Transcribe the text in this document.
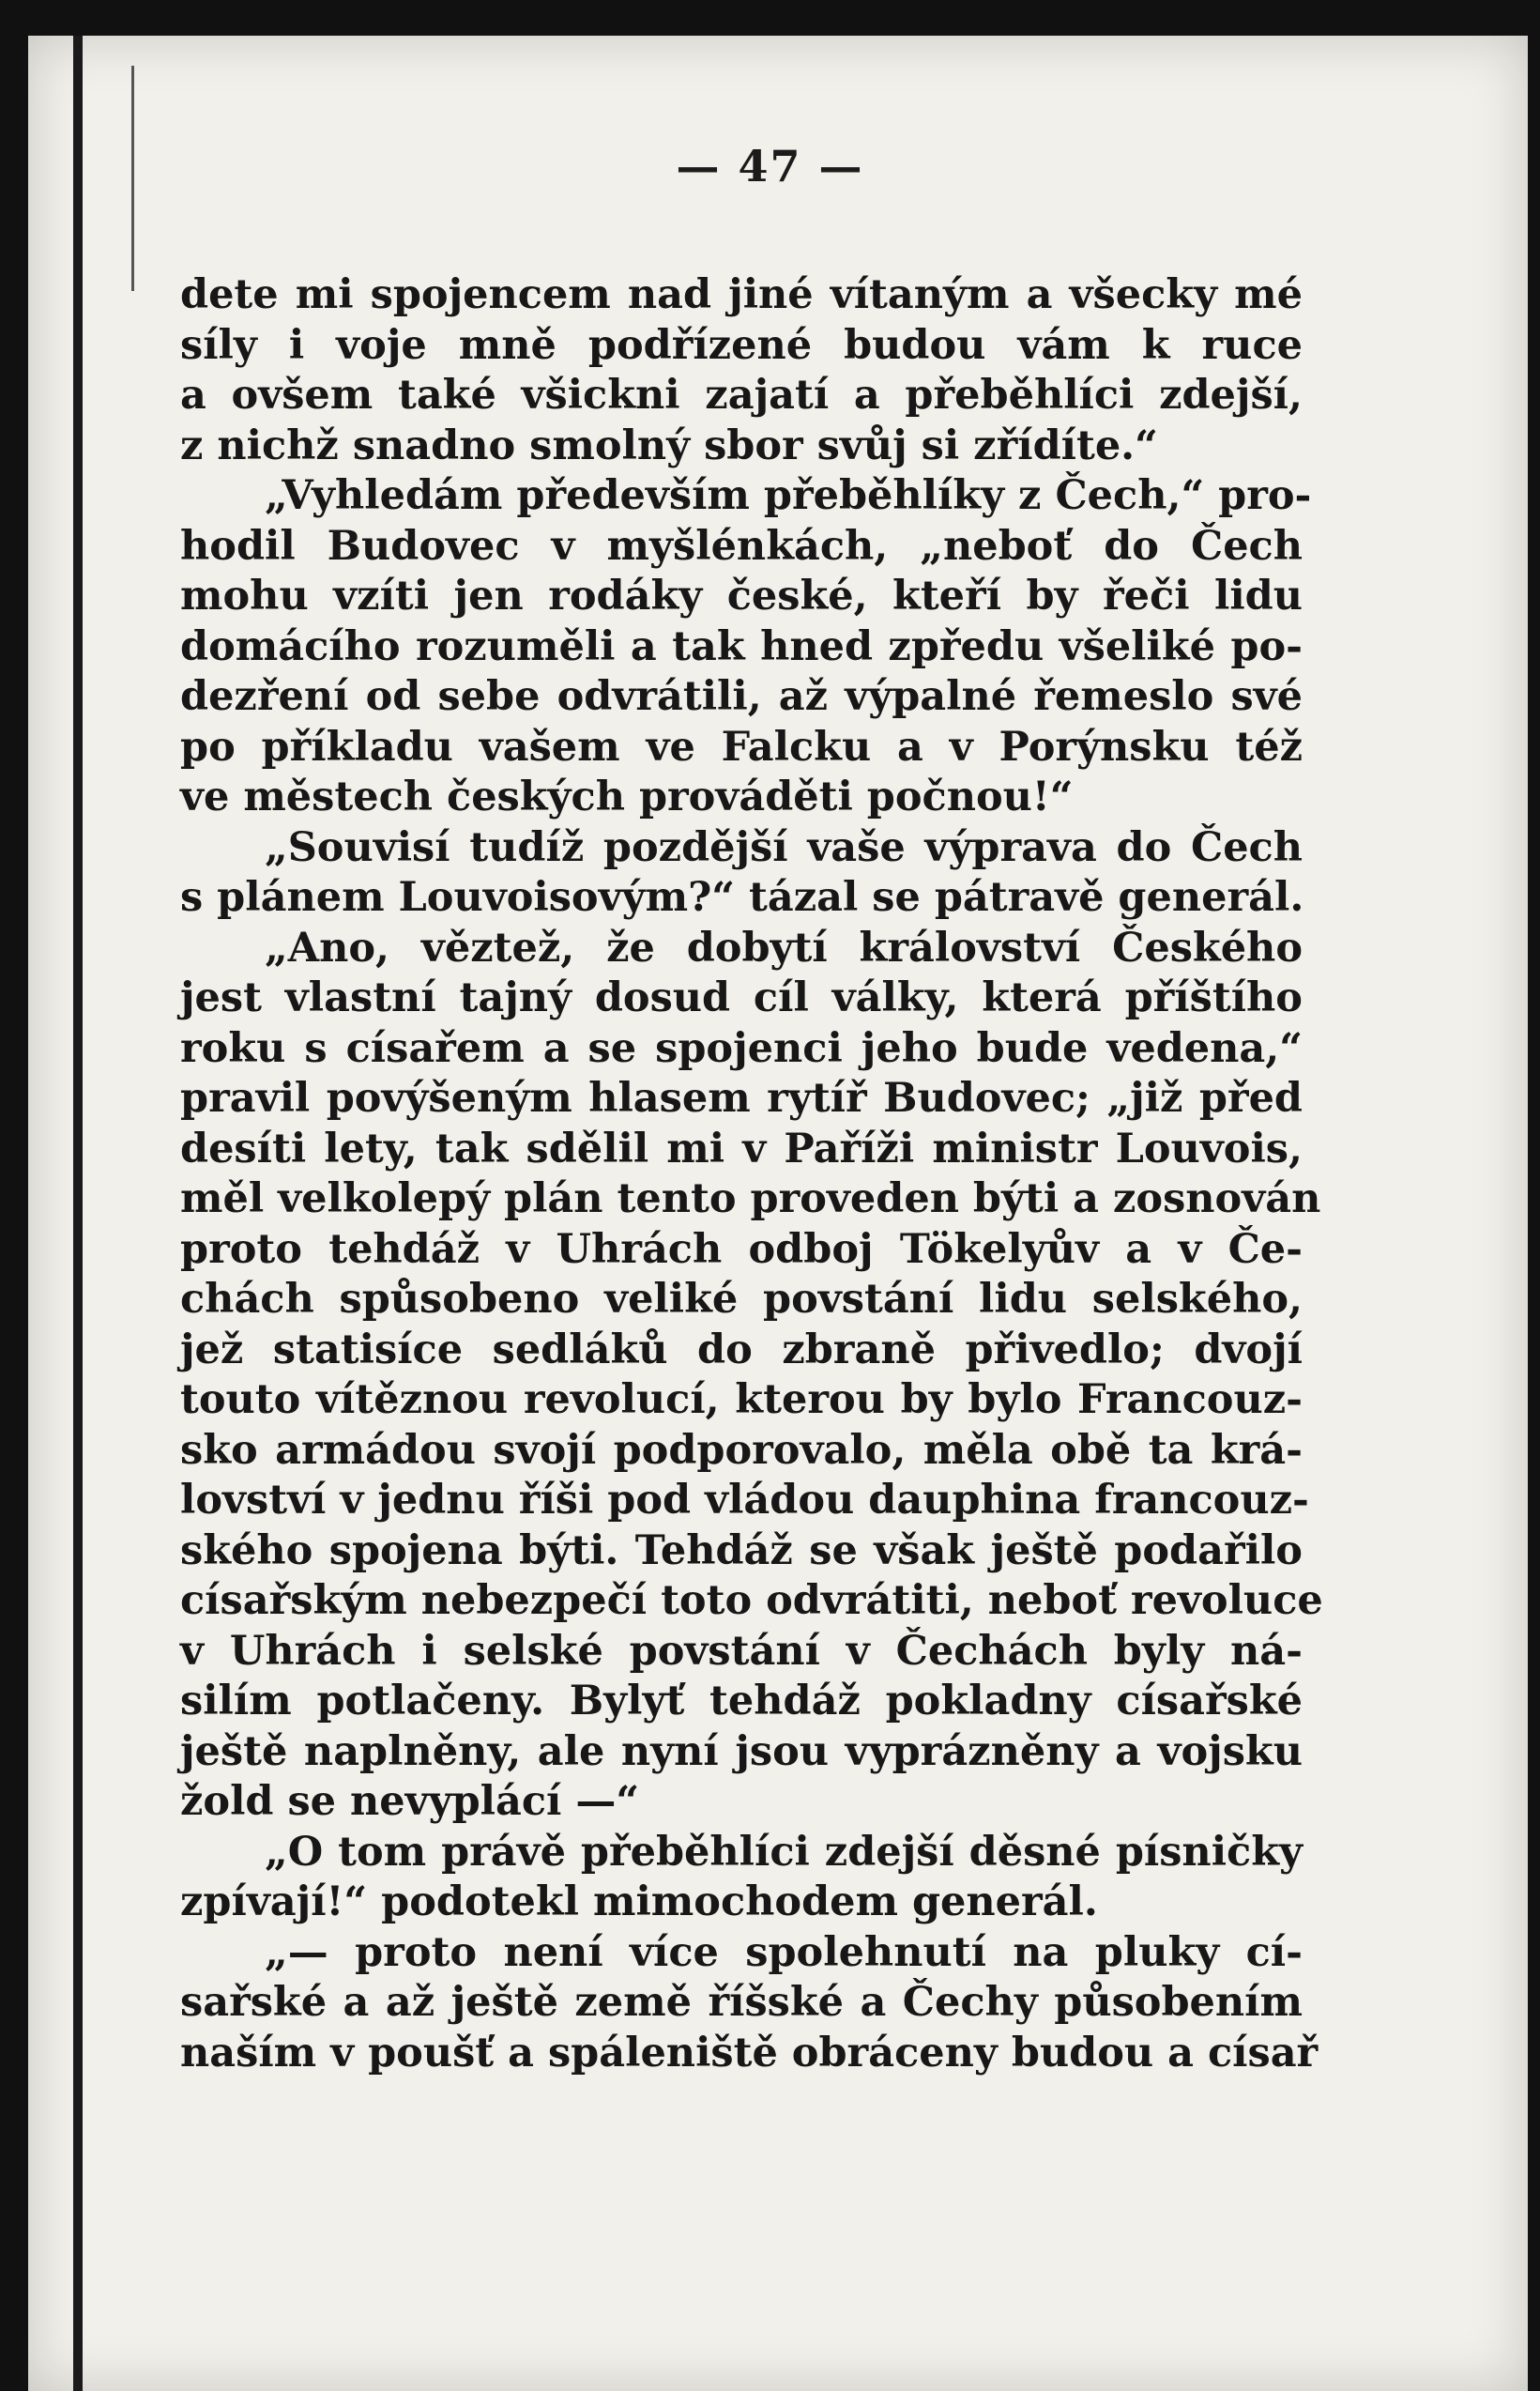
— 47 —
dete mi spojencem nad jiné vítaným a všecky mé
síly i voje mně podřízené budou vám k ruce
a ovšem také všickni zajatí a přeběhlíci zdejší,
z nichž snadno smolný sbor svůj si zřídíte.“
„Vyhledám především přeběhlíky z Čech,“ pro-
hodil Budovec v myšlénkách, „neboť do Čech
mohu vzíti jen rodáky české, kteří by řeči lidu
domácího rozuměli a tak hned zpředu všeliké po-
dezření od sebe odvrátili, až výpalné řemeslo své
po příkladu vašem ve Falcku a v Porýnsku též
ve městech českých prováděti počnou!“
„Souvisí tudíž pozdější vaše výprava do Čech
s plánem Louvoisovým?“ tázal se pátravě generál.
„Ano, věztež, že dobytí království Českého
jest vlastní tajný dosud cíl války, která příštího
roku s císařem a se spojenci jeho bude vedena,“
pravil povýšeným hlasem rytíř Budovec; „již před
desíti lety, tak sdělil mi v Paříži ministr Louvois,
měl velkolepý plán tento proveden býti a zosnován
proto tehdáž v Uhrách odboj Tökelyův a v Če-
chách spůsobeno veliké povstání lidu selského,
jež statisíce sedláků do zbraně přivedlo; dvojí
touto vítěznou revolucí, kterou by bylo Francouz-
sko armádou svojí podporovalo, měla obě ta krá-
lovství v jednu říši pod vládou dauphina francouz-
ského spojena býti. Tehdáž se však ještě podařilo
císařským nebezpečí toto odvrátiti, neboť revoluce
v Uhrách i selské povstání v Čechách byly ná-
silím potlačeny. Bylyť tehdáž pokladny císařské
ještě naplněny, ale nyní jsou vyprázněny a vojsku
žold se nevyplácí —“
„O tom právě přeběhlíci zdejší děsné písničky
zpívají!“ podotekl mimochodem generál.
„— proto není více spolehnutí na pluky cí-
sařské a až ještě země říšské a Čechy působením
naším v poušť a spáleniště obráceny budou a císař
